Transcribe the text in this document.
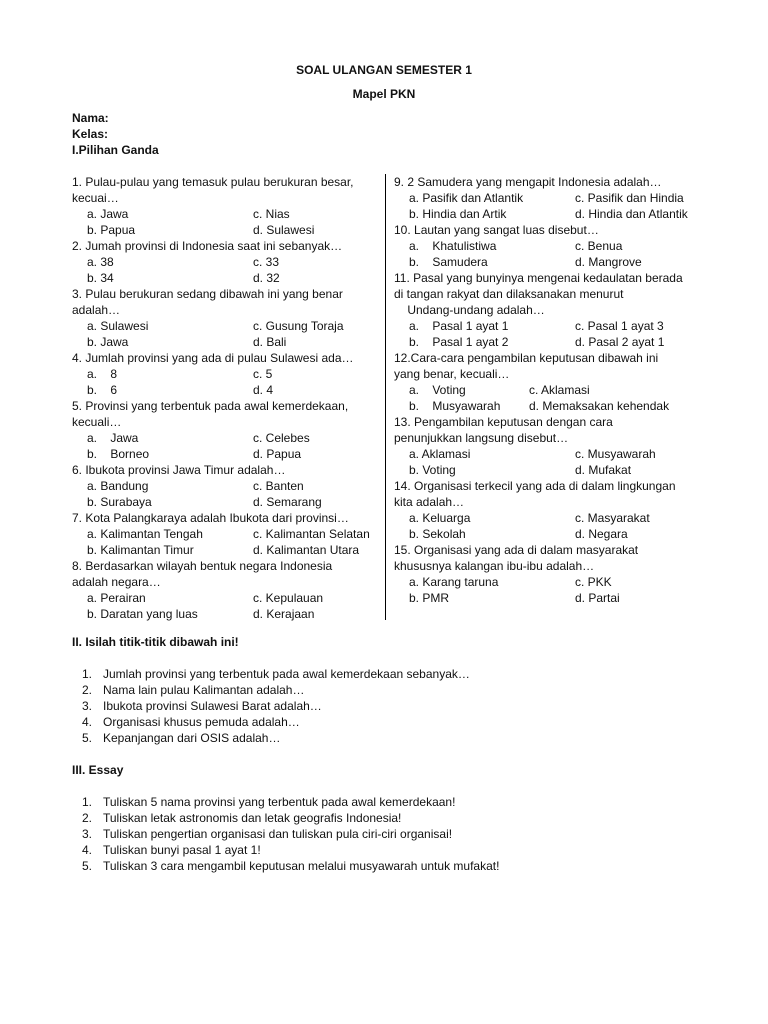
SOAL ULANGAN SEMESTER 1
Mapel PKN
Nama:
Kelas:
I.Pilihan Ganda
1. Pulau-pulau yang temasuk pulau berukuran besar,
kecuai…
a. Jawa	c. Nias
b. Papua	d. Sulawesi
2. Jumah provinsi di Indonesia saat ini sebanyak…
a. 38	c. 33
b. 34	d. 32
3. Pulau berukuran sedang dibawah ini yang benar
adalah…
a. Sulawesi	c. Gusung Toraja
b. Jawa	d. Bali
4. Jumlah provinsi yang ada di pulau Sulawesi ada…
a.    8	c. 5
b.    6	d. 4
5. Provinsi yang terbentuk pada awal kemerdekaan,
kecuali…
a.    Jawa	c. Celebes
b.    Borneo	d. Papua
6. Ibukota provinsi Jawa Timur adalah…
a. Bandung	c. Banten
b. Surabaya	d. Semarang
7. Kota Palangkaraya adalah Ibukota dari provinsi…
a. Kalimantan Tengah	c. Kalimantan Selatan
b. Kalimantan Timur	d. Kalimantan Utara
8. Berdasarkan wilayah bentuk negara Indonesia
adalah negara…
a. Perairan	c. Kepulauan
b. Daratan yang luas	d. Kerajaan
9. 2 Samudera yang mengapit Indonesia adalah…
a. Pasifik dan Atlantik	c. Pasifik dan Hindia
b. Hindia dan Artik	d. Hindia dan Atlantik
10. Lautan yang sangat luas disebut…
a.    Khatulistiwa	c. Benua
b.    Samudera	d. Mangrove
11. Pasal yang bunyinya mengenai kedaulatan berada
di tangan rakyat dan dilaksanakan menurut
Undang-undang adalah…
a.    Pasal 1 ayat 1	c. Pasal 1 ayat 3
b.    Pasal 1 ayat 2	d. Pasal 2 ayat 1
12.Cara-cara pengambilan keputusan dibawah ini
yang benar, kecuali…
a.    Voting	c. Aklamasi
b.    Musyawarah	d. Memaksakan kehendak
13. Pengambilan keputusan dengan cara
penunjukkan langsung disebut…
a. Aklamasi	c. Musyawarah
b. Voting	d. Mufakat
14. Organisasi terkecil yang ada di dalam lingkungan
kita adalah…
a. Keluarga	c. Masyarakat
b. Sekolah	d. Negara
15. Organisasi yang ada di dalam masyarakat
khususnya kalangan ibu-ibu adalah…
a. Karang taruna	c. PKK
b. PMR	d. Partai
II. Isilah titik-titik dibawah ini!
1. Jumlah provinsi yang terbentuk pada awal kemerdekaan sebanyak…
2. Nama lain pulau Kalimantan adalah…
3. Ibukota provinsi Sulawesi Barat adalah…
4. Organisasi khusus pemuda adalah…
5. Kepanjangan dari OSIS adalah…
III. Essay
1. Tuliskan 5 nama provinsi yang terbentuk pada awal kemerdekaan!
2. Tuliskan letak astronomis dan letak geografis Indonesia!
3. Tuliskan pengertian organisasi dan tuliskan pula ciri-ciri organisai!
4. Tuliskan bunyi pasal 1 ayat 1!
5. Tuliskan 3 cara mengambil keputusan melalui musyawarah untuk mufakat!
